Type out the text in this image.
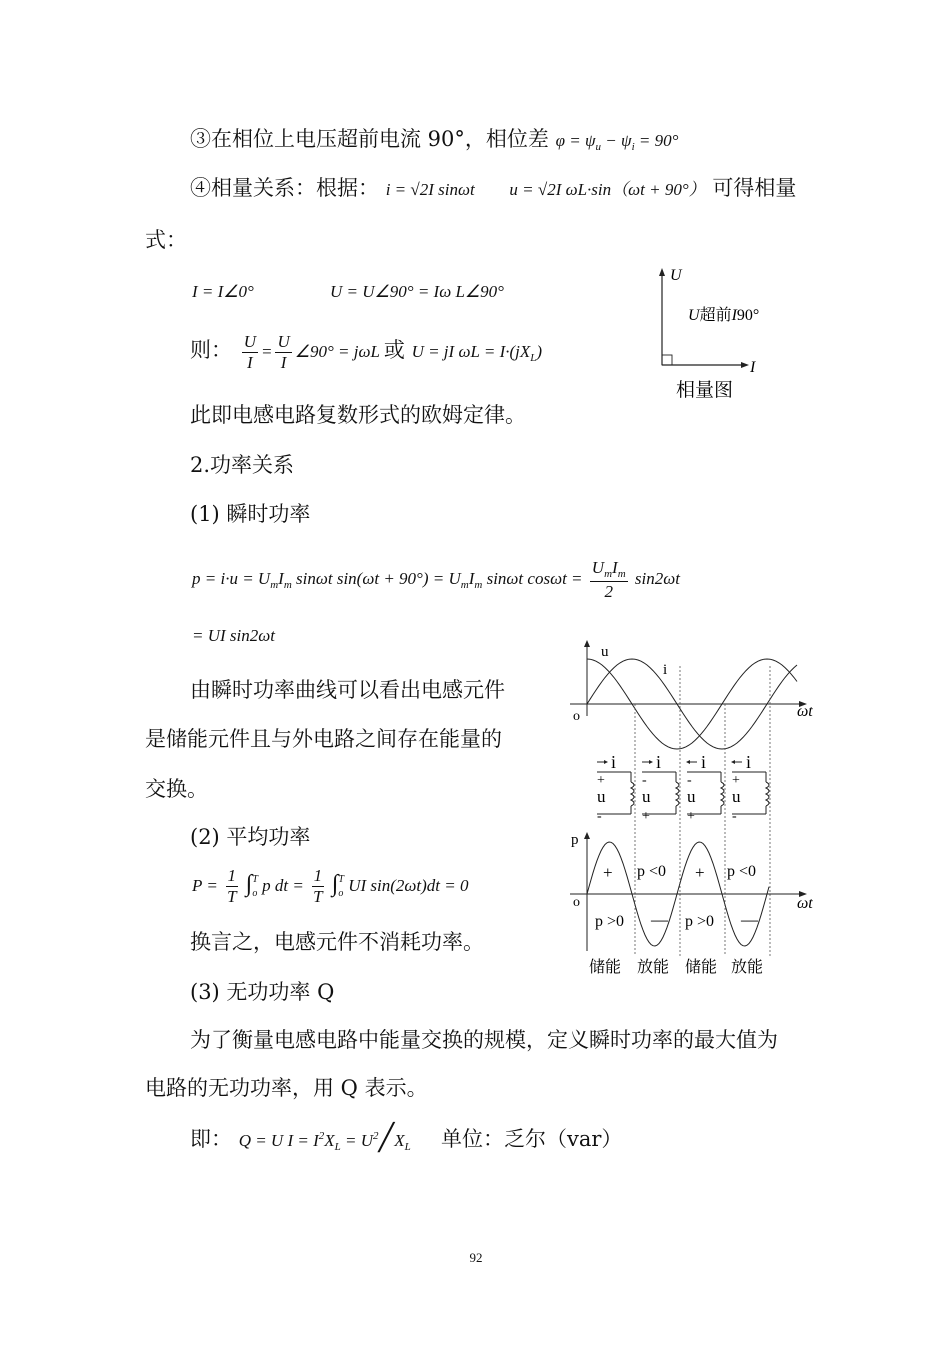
③在相位上电压超前电流 90°，相位差 $\varphi = \psi_u - \psi_i = 90^\circ$
④相量关系：根据： i = √2I sinωt u = √2I ωL·sin（ωt + 90°） 可得相量
式：
I = I∠0°	U = U∠90° = Iω L∠90°
则： $\frac{U}{I} = \frac{U}{I}$ ∠90° = jωL 或 U = jI $\omega L = I\cdot(jX_L)$
U
U超前I90°
I
相量图
此即电感电路复数形式的欧姆定律。
2.功率关系
(1) 瞬时功率
$p = i\cdot u = U_mI_m$ sinωt $\sin(\omega t + 90^\circ) = U_mI_m$ sinωt $\cos\omega t = \frac{U_mI_m}{2} \sin 2\omega t$
= UI sin2ωt
由瞬时功率曲线可以看出电感元件
是储能元件且与外电路之间存在能量的
交换。
(2) 平均功率
$P = \frac{1}{T}$ ∫ T
o p dt = $\frac{1}{T}$ ∫ T
o UI sin(2ωt)dt = 0
换言之，电感元件不消耗功率。
(3) 无功功率 Q
为了衡量电感电路中能量交换的规模，定义瞬时功率的最大值为
电路的无功功率，用 Q 表示。
即： Q = U $I = I^2X_L$ = $U^2╱X_L$ 单位：乏尔（var）
u
i
o	ωt
i
+
u
-
i
-
u
+
i
-
u
+
i
+
u
-
p
o	ωt
+	+
p <0	p <0
p >0	p >0
—	—
储能 放能 储能 放能
92
